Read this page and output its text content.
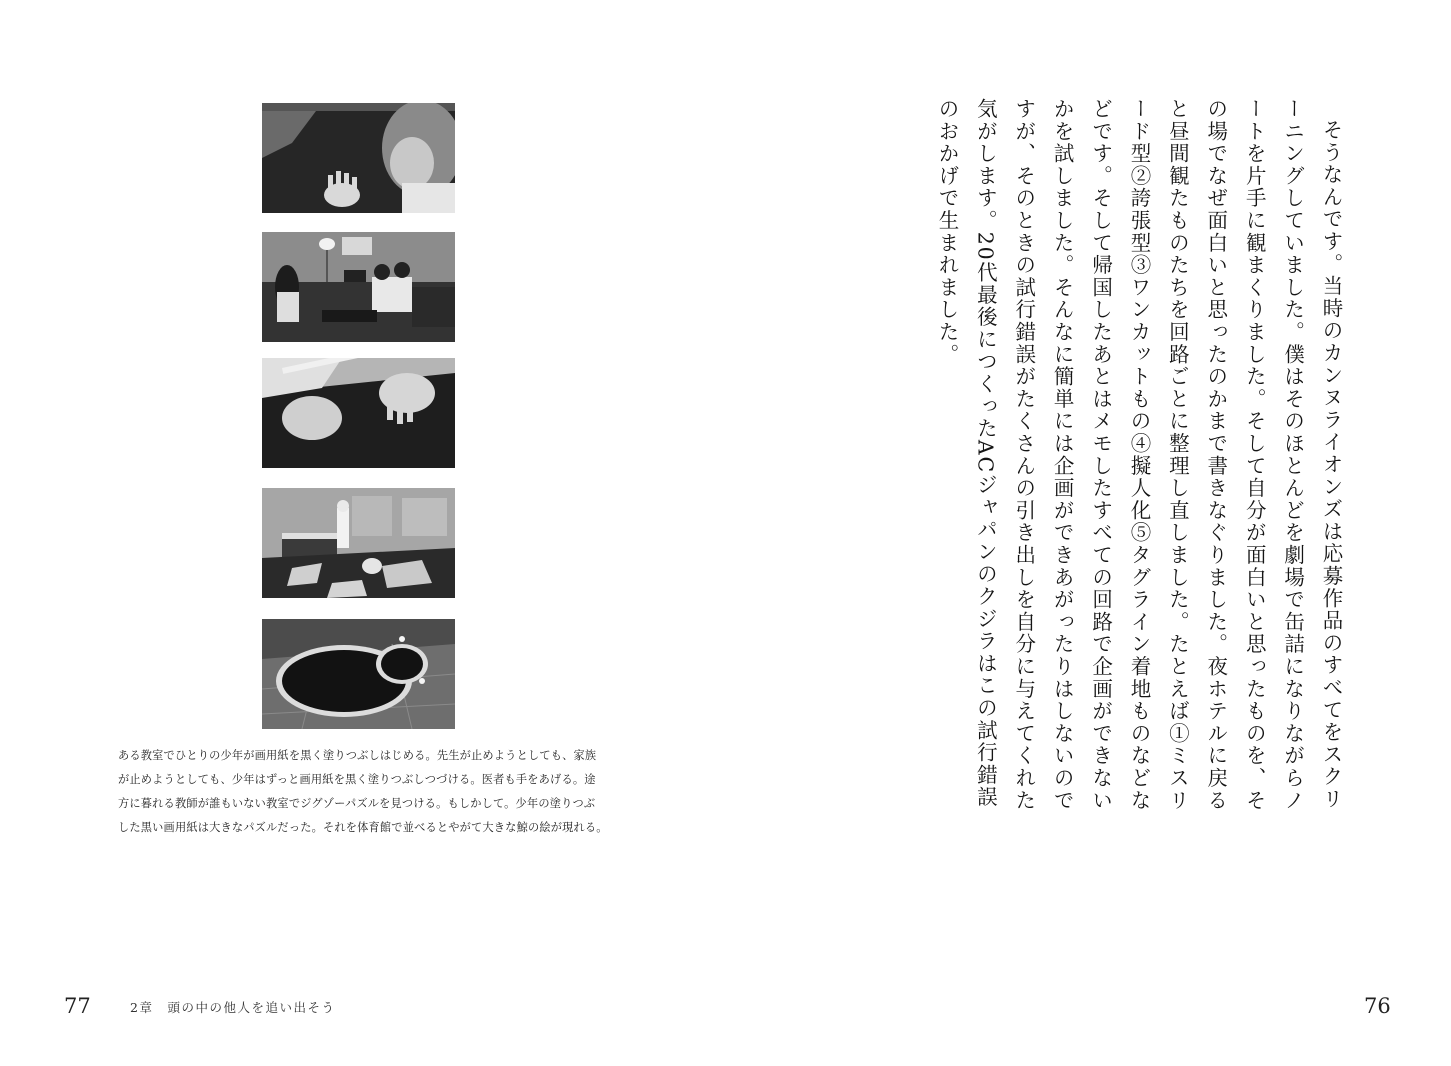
ある教室でひとりの少年が画用紙を黒く塗りつぶしはじめる。先生が止めようとしても、家族
が止めようとしても、少年はずっと画用紙を黒く塗りつぶしつづける。医者も手をあげる。途
方に暮れる教師が誰もいない教室でジグゾーパズルを見つける。もしかして。少年の塗りつぶ
した黒い画用紙は大きなパズルだった。それを体育館で並べるとやがて大きな鯨の絵が現れる。
そうなんです。当時のカンヌライオンズは応募作品のすべてをスクリーニングしていました。僕はそのほとんどを劇場で缶詰になりながらノートを片手に観まくりました。そして自分が面白いと思ったものを、その場でなぜ面白いと思ったのかまで書きなぐりました。夜ホテルに戻ると昼間観たものたちを回路ごとに整理し直しました。たとえば①ミスリード型②誇張型③ワンカットもの④擬人化⑤タグライン着地ものなどなどです。そして帰国したあとはメモしたすべての回路で企画ができないかを試しました。そんなに簡単には企画ができあがったりはしないのですが、そのときの試行錯誤がたくさんの引き出しを自分に与えてくれた気がします。20代最後につくったACジャパンのクジラはこの試行錯誤のおかげで生まれました。
77	2章　頭の中の他人を追い出そう	76
